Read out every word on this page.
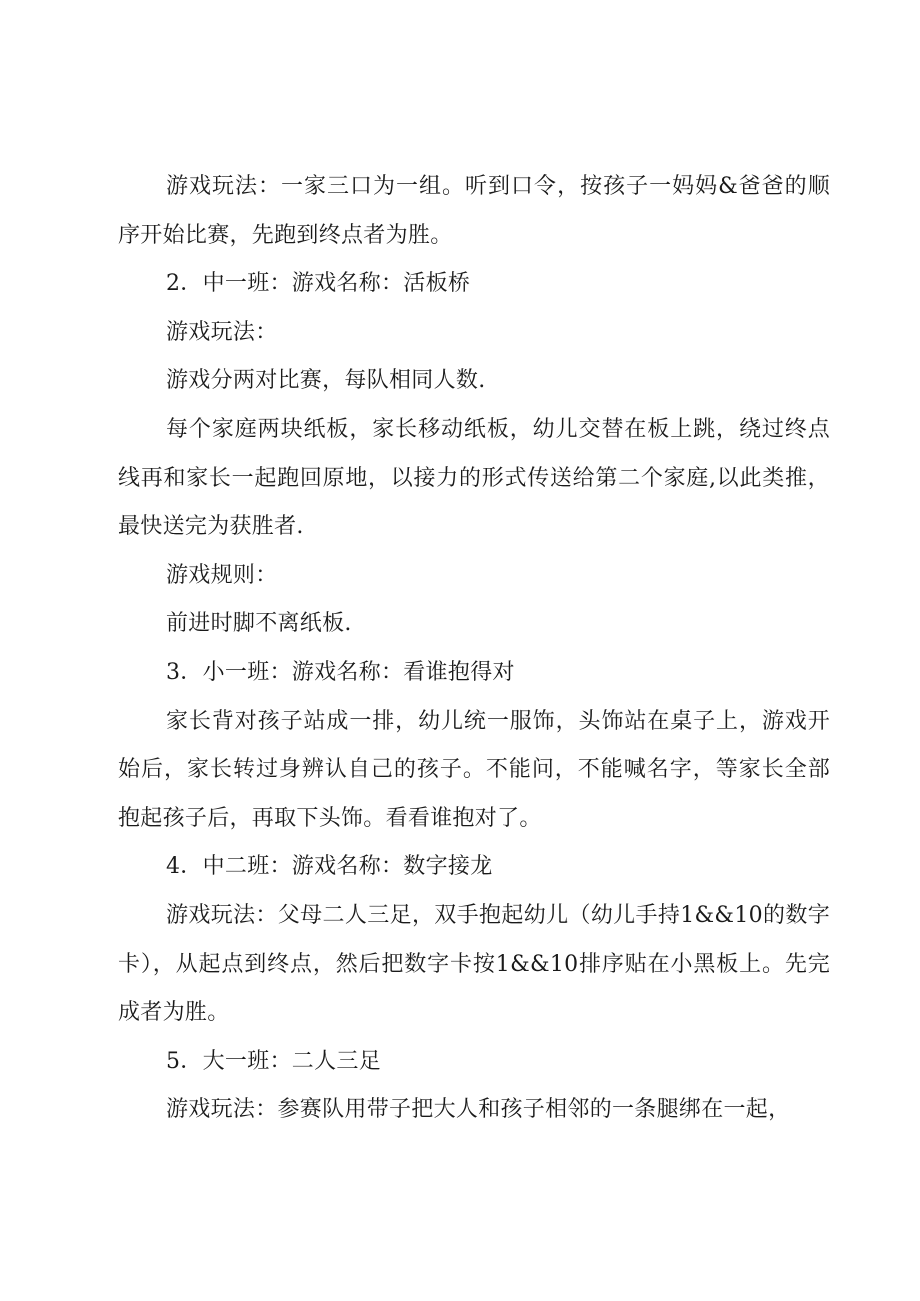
游戏玩法：一家三口为一组。听到口令，按孩子一妈妈&爸爸的顺序开始比赛，先跑到终点者为胜。

2．中一班：游戏名称：活板桥

游戏玩法：

游戏分两对比赛，每队相同人数.

每个家庭两块纸板，家长移动纸板，幼儿交替在板上跳，绕过终点线再和家长一起跑回原地，以接力的形式传送给第二个家庭,以此类推，最快送完为获胜者.

游戏规则：

前进时脚不离纸板.

3．小一班：游戏名称：看谁抱得对

家长背对孩子站成一排，幼儿统一服饰，头饰站在桌子上，游戏开始后，家长转过身辨认自己的孩子。不能问，不能喊名字，等家长全部抱起孩子后，再取下头饰。看看谁抱对了。

4．中二班：游戏名称：数字接龙

游戏玩法：父母二人三足，双手抱起幼儿（幼儿手持1&&10的数字卡），从起点到终点，然后把数字卡按1&&10排序贴在小黑板上。先完成者为胜。

5．大一班：二人三足

游戏玩法：参赛队用带子把大人和孩子相邻的一条腿绑在一起，
